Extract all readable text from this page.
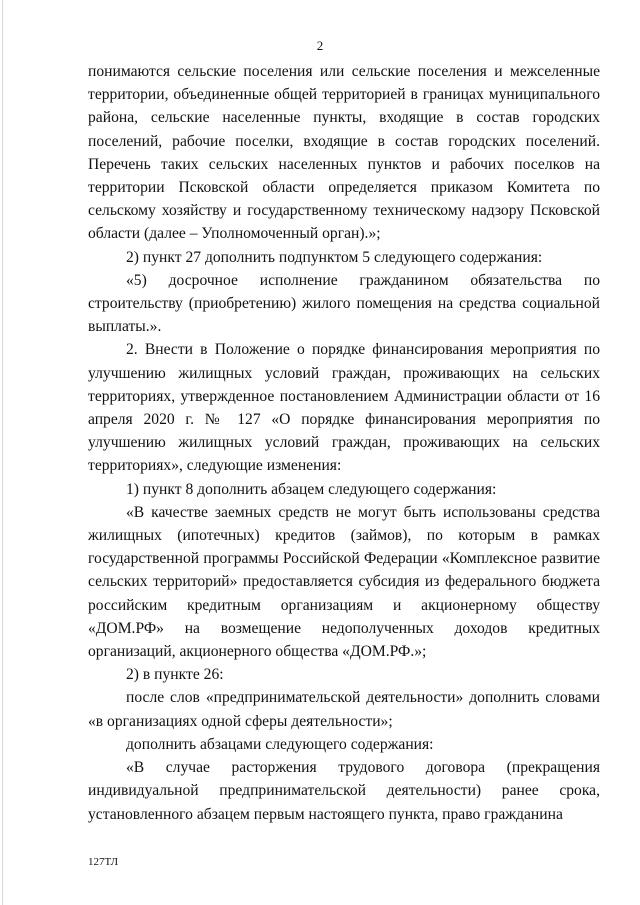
2

понимаются сельские поселения или сельские поселения и межселенные территории, объединенные общей территорией в границах муниципального района, сельские населенные пункты, входящие в состав городских поселений, рабочие поселки, входящие в состав городских поселений. Перечень таких сельских населенных пунктов и рабочих поселков на территории Псковской области определяется приказом Комитета по сельскому хозяйству и государственному техническому надзору Псковской области (далее – Уполномоченный орган).»;

2) пункт 27 дополнить подпунктом 5 следующего содержания:

«5) досрочное исполнение гражданином обязательства по строительству (приобретению) жилого помещения на средства социальной выплаты.».

2. Внести в Положение о порядке финансирования мероприятия по улучшению жилищных условий граждан, проживающих на сельских территориях, утвержденное постановлением Администрации области от 16 апреля 2020 г. № 127 «О порядке финансирования мероприятия по улучшению жилищных условий граждан, проживающих на сельских территориях», следующие изменения:

1) пункт 8 дополнить абзацем следующего содержания:

«В качестве заемных средств не могут быть использованы средства жилищных (ипотечных) кредитов (займов), по которым в рамках государственной программы Российской Федерации «Комплексное развитие сельских территорий» предоставляется субсидия из федерального бюджета российским кредитным организациям и акционерному обществу «ДОМ.РФ» на возмещение недополученных доходов кредитных организаций, акционерного общества «ДОМ.РФ.»;

2) в пункте 26:

после слов «предпринимательской деятельности» дополнить словами «в организациях одной сферы деятельности»;

дополнить абзацами следующего содержания:

«В случае расторжения трудового договора (прекращения индивидуальной предпринимательской деятельности) ранее срока, установленного абзацем первым настоящего пункта, право гражданина

127ТЛ
